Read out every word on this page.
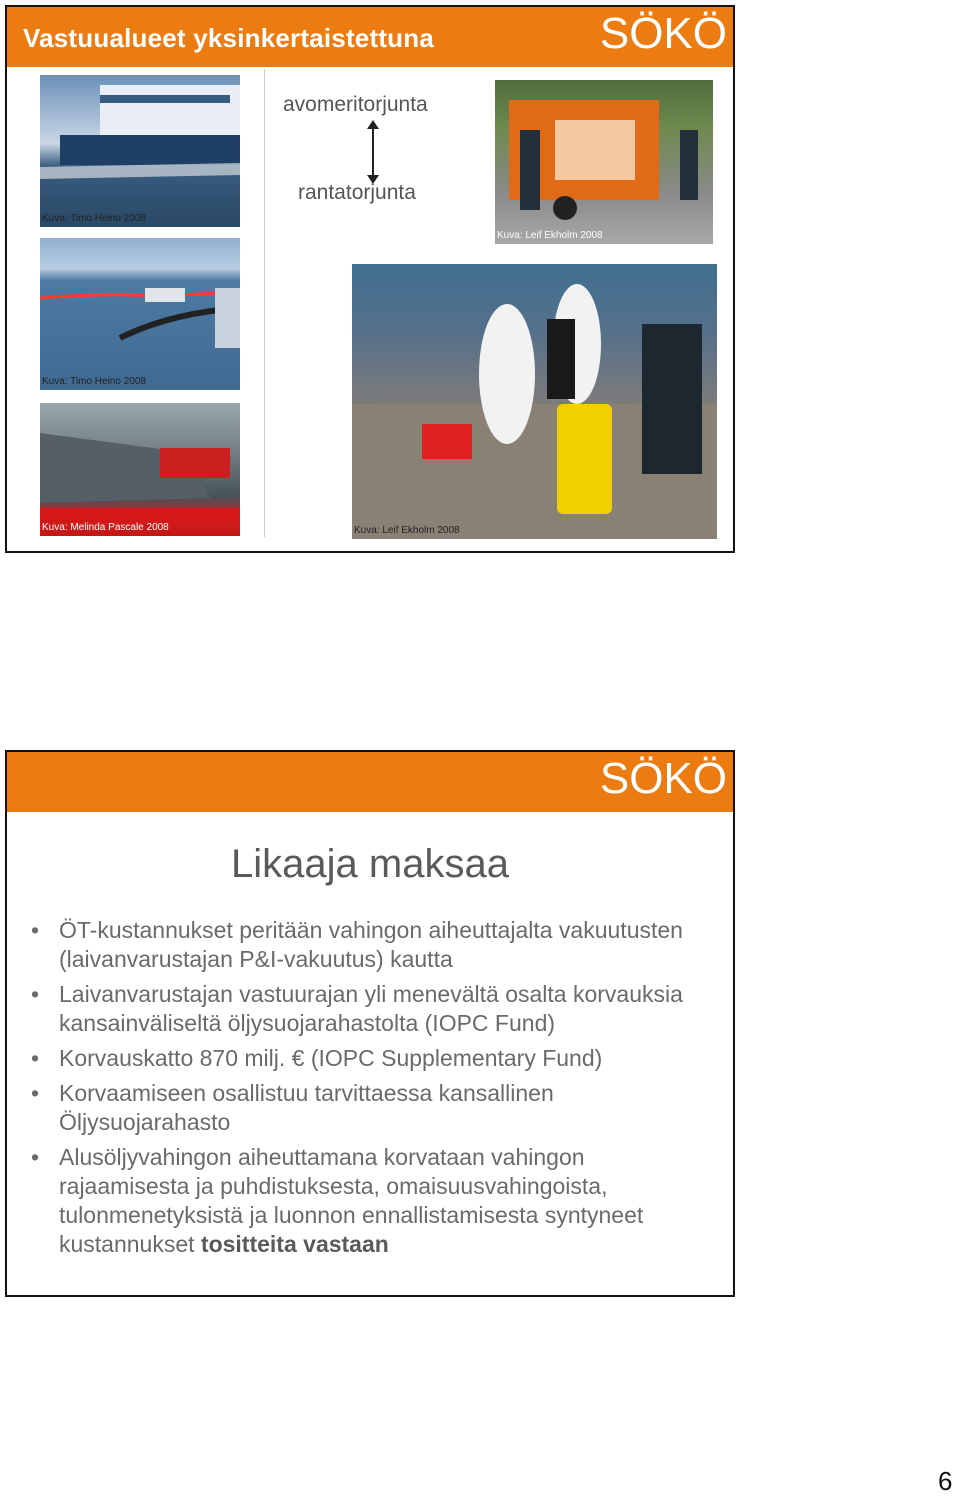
Vastuualueet yksinkertaistettuna	SÖKÖ
Kuva: Timo Heino 2008
Kuva: Timo Heino 2008
Kuva: Melinda Pascale 2008
avomeritorjunta
rantatorjunta
Kuva: Leif Ekholm 2008
Kuva: Leif Ekholm 2008
SÖKÖ
Likaaja maksaa
• ÖT-kustannukset peritään vahingon aiheuttajalta vakuutusten (laivanvarustajan P&I-vakuutus) kautta
• Laivanvarustajan vastuurajan yli menevältä osalta korvauksia kansainväliseltä öljysuojarahastolta (IOPC Fund)
• Korvauskatto 870 milj. € (IOPC Supplementary Fund)
• Korvaamiseen osallistuu tarvittaessa kansallinen Öljysuojarahasto
• Alusöljyvahingon aiheuttamana korvataan vahingon rajaamisesta ja puhdistuksesta, omaisuusvahingoista, tulonmenetyksistä ja luonnon ennallistamisesta syntyneet kustannukset tositteita vastaan
6
